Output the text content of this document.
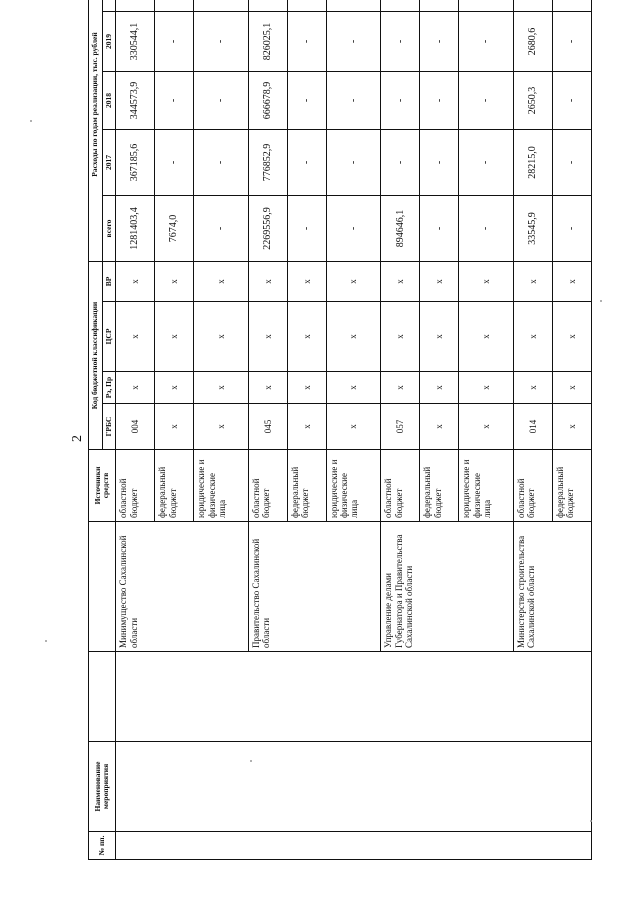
2
№ пп.	Наименование мероприятия			Источники средств	Код бюджетной классификации				Расходы по годам реализации, тыс. рублей				
					ГРБС	Рз, Пр	ЦСР	ВР	всего	2017	2018	2019	
			Минимущество Сахалинской области	областной бюджет	004	х	х	х	1281403,4	367185,6	344573,9	330544,1	
				федеральный бюджет	х	х	х	х	7674,0	-	-	-	
				юридические и физические лица	х	х	х	х	-	-	-	-	
			Правительство Сахалинской области	областной бюджет	045	х	х	х	2269556,9	776852,9	666678,9	826025,1	
				федеральный бюджет	х	х	х	х	-	-	-	-	
				юридические и физические лица	х	х	х	х	-	-	-	-	
			Управление делами Губернатора и Правительства Сахалинской области	областной бюджет	057	х	х	х	894646,1	-	-	-	
				федеральный бюджет	х	х	х	х	-	-	-	-	
				юридические и физические лица	х	х	х	х	-	-	-	-	
			Министерство строительства Сахалинской области	областной бюджет	014	х	х	х	33545,9	28215,0	2650,3	2680,6	
				федеральный бюджет	х	х	х	х	-	-	-	-	
